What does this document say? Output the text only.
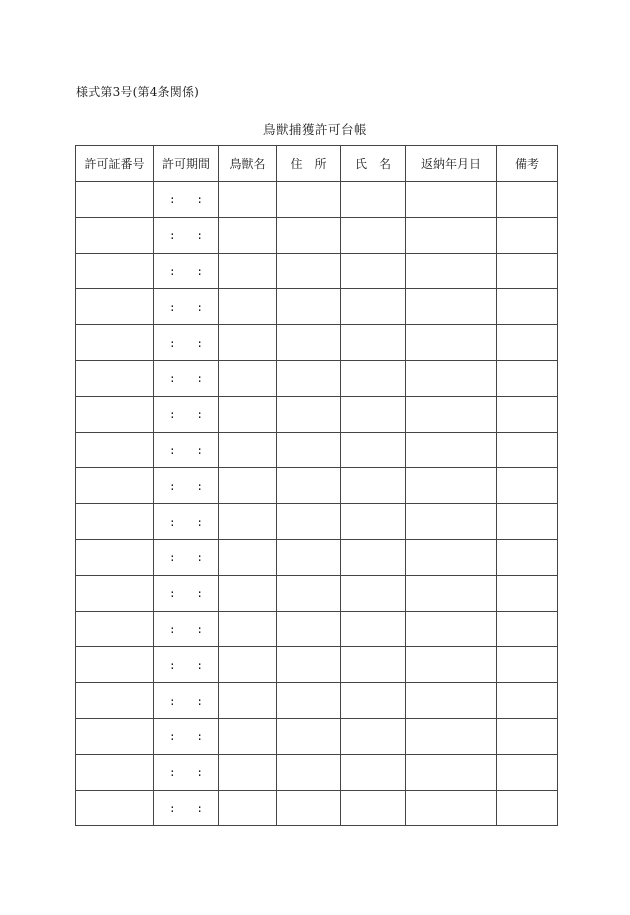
様式第3号(第4条関係)
鳥獣捕獲許可台帳
許可証番号	許可期間	鳥獣名	住　所	氏　名	返納年月日	備考

	: :					

	: :					

	: :					

	: :					

	: :					

	: :					

	: :					

	: :					

	: :					

	: :					

	: :					

	: :					

	: :					

	: :					

	: :					

	: :					

	: :					

	: :					
